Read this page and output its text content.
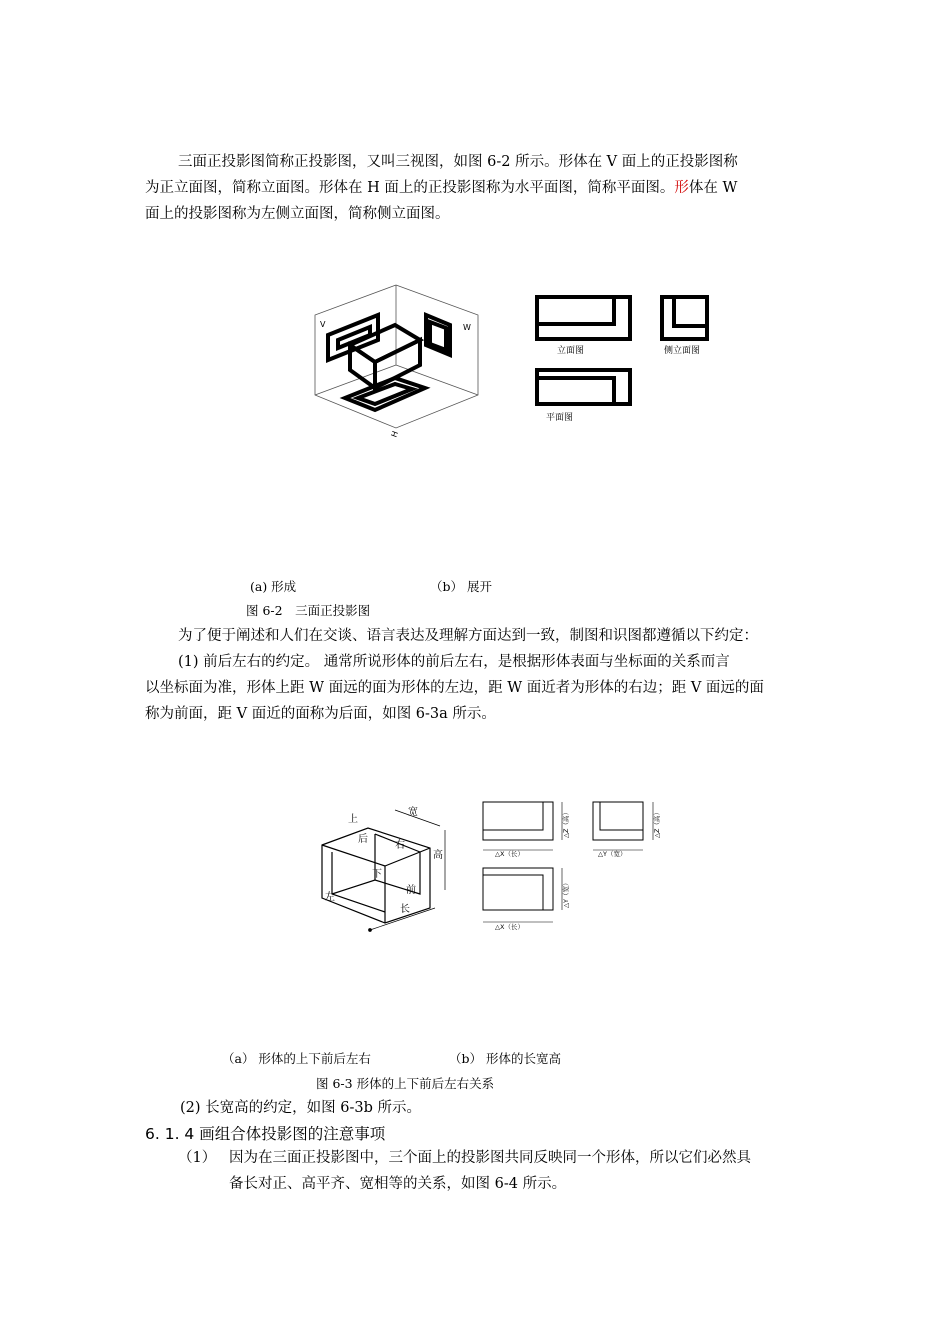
三面正投影图简称正投影图，又叫三视图，如图 6-2 所示。形体在 V 面上的正投影图称
为正立面图，简称立面图。形体在 H 面上的正投影图称为水平面图，简称平面图。形体在 W
面上的投影图称为左侧立面图，简称侧立面图。
V	W
H
立面图	侧立面图
平面图
(a) 形成	（b） 展开
图 6-2　三面正投影图
为了便于阐述和人们在交谈、语言表达及理解方面达到一致，制图和识图都遵循以下约定：
(1) 前后左右的约定。 通常所说形体的前后左右，是根据形体表面与坐标面的关系而言
以坐标面为准，形体上距 W 面远的面为形体的左边，距 W 面近者为形体的右边；距 V 面远的面
称为前面，距 V 面近的面称为后面，如图 6-3a 所示。
上
宽
后
右
高
下
前
左
长
△X（长）
△Z（高）
△Y（宽）
△Z（高）
△X（长）
△Y（宽）
（a） 形体的上下前后左右	（b） 形体的长宽高
图 6-3 形体的上下前后左右关系
(2) 长宽高的约定，如图 6-3b 所示。
6. 1. 4 画组合体投影图的注意事项
（1） 因为在三面正投影图中，三个面上的投影图共同反映同一个形体，所以它们必然具
备长对正、高平齐、宽相等的关系，如图 6-4 所示。
